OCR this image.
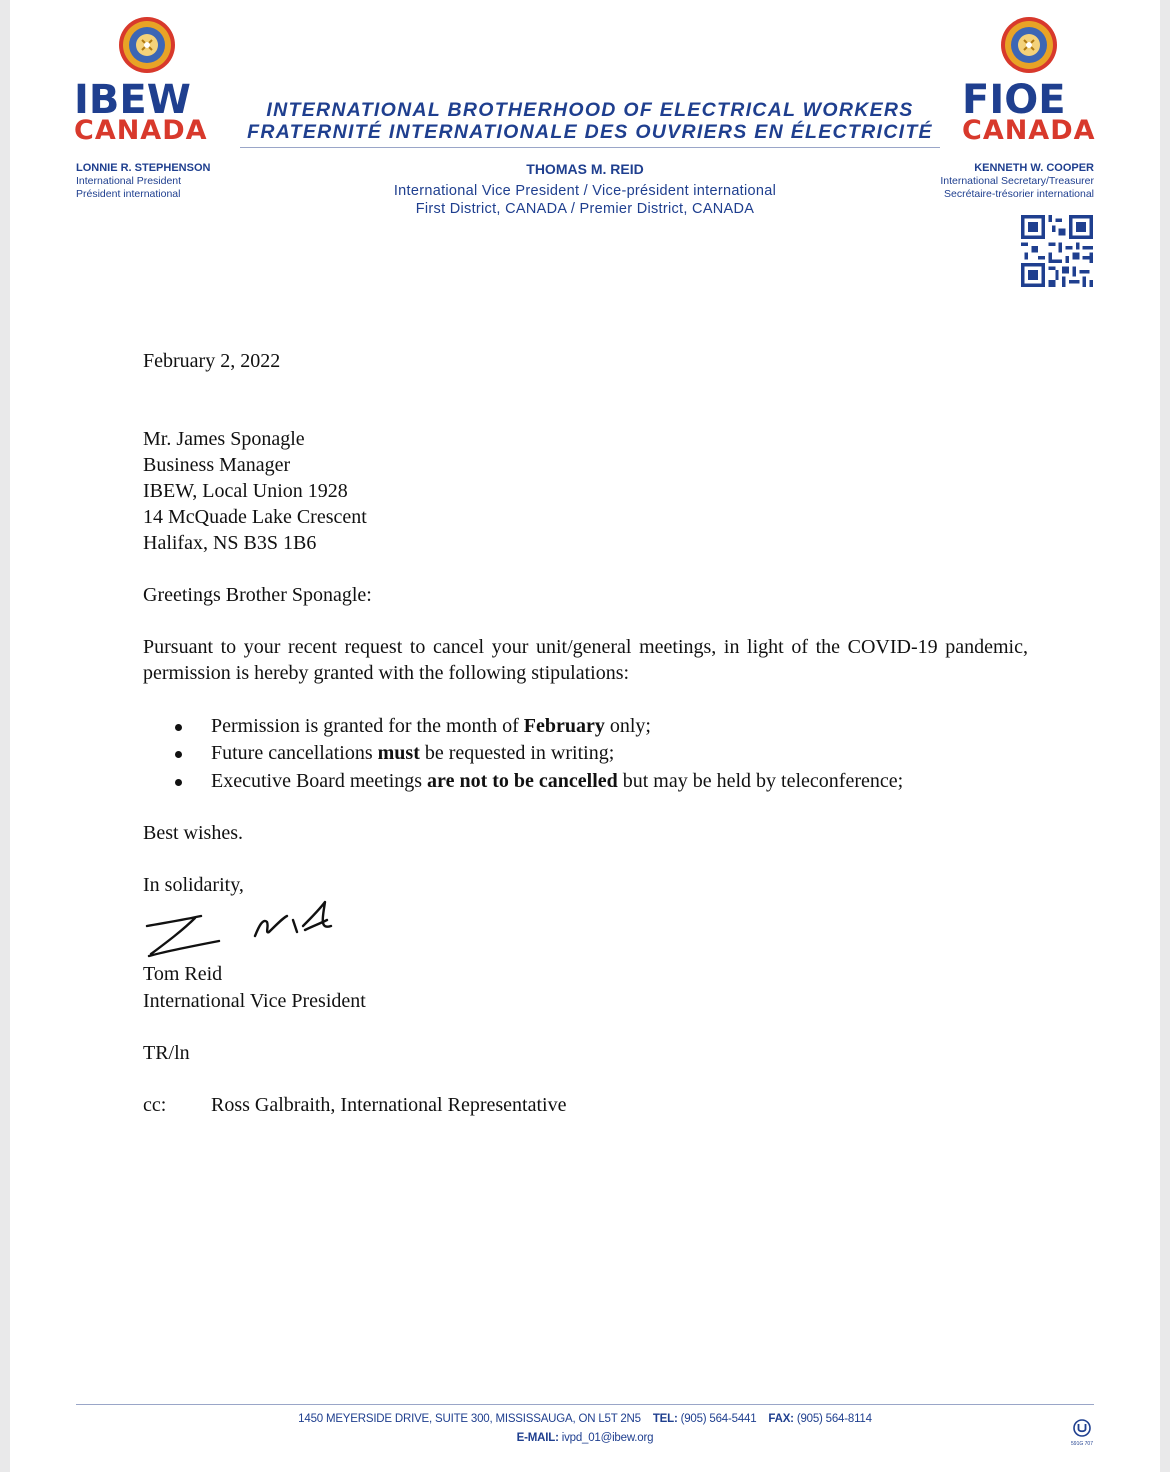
IBEW
CANADA
FIOE
CANADA
INTERNATIONAL BROTHERHOOD OF ELECTRICAL WORKERS
FRATERNITÉ INTERNATIONALE DES OUVRIERS EN ÉLECTRICITÉ
LONNIE R. STEPHENSON
International President
Président international
THOMAS M. REID
International Vice President / Vice-président international
First District, CANADA / Premier District, CANADA
KENNETH W. COOPER
International Secretary/Treasurer
Secrétaire-trésorier international
February 2, 2022
Mr. James Sponagle
Business Manager
IBEW, Local Union 1928
14 McQuade Lake Crescent
Halifax, NS B3S 1B6
Greetings Brother Sponagle:
Pursuant to your recent request to cancel your unit/general meetings, in light of the COVID-19 pandemic, permission is hereby granted with the following stipulations:
Permission is granted for the month of February only;
Future cancellations must be requested in writing;
Executive Board meetings are not to be cancelled but may be held by teleconference;
Best wishes.
In solidarity,
Tom Reid
International Vice President
TR/ln
cc: Ross Galbraith, International Representative
1450 MEYERSIDE DRIVE, SUITE 300, MISSISSAUGA, ON L5T 2N5 TEL: (905) 564-5441 FAX: (905) 564-8114
E-MAIL: ivpd_01@ibew.org	591G 707
